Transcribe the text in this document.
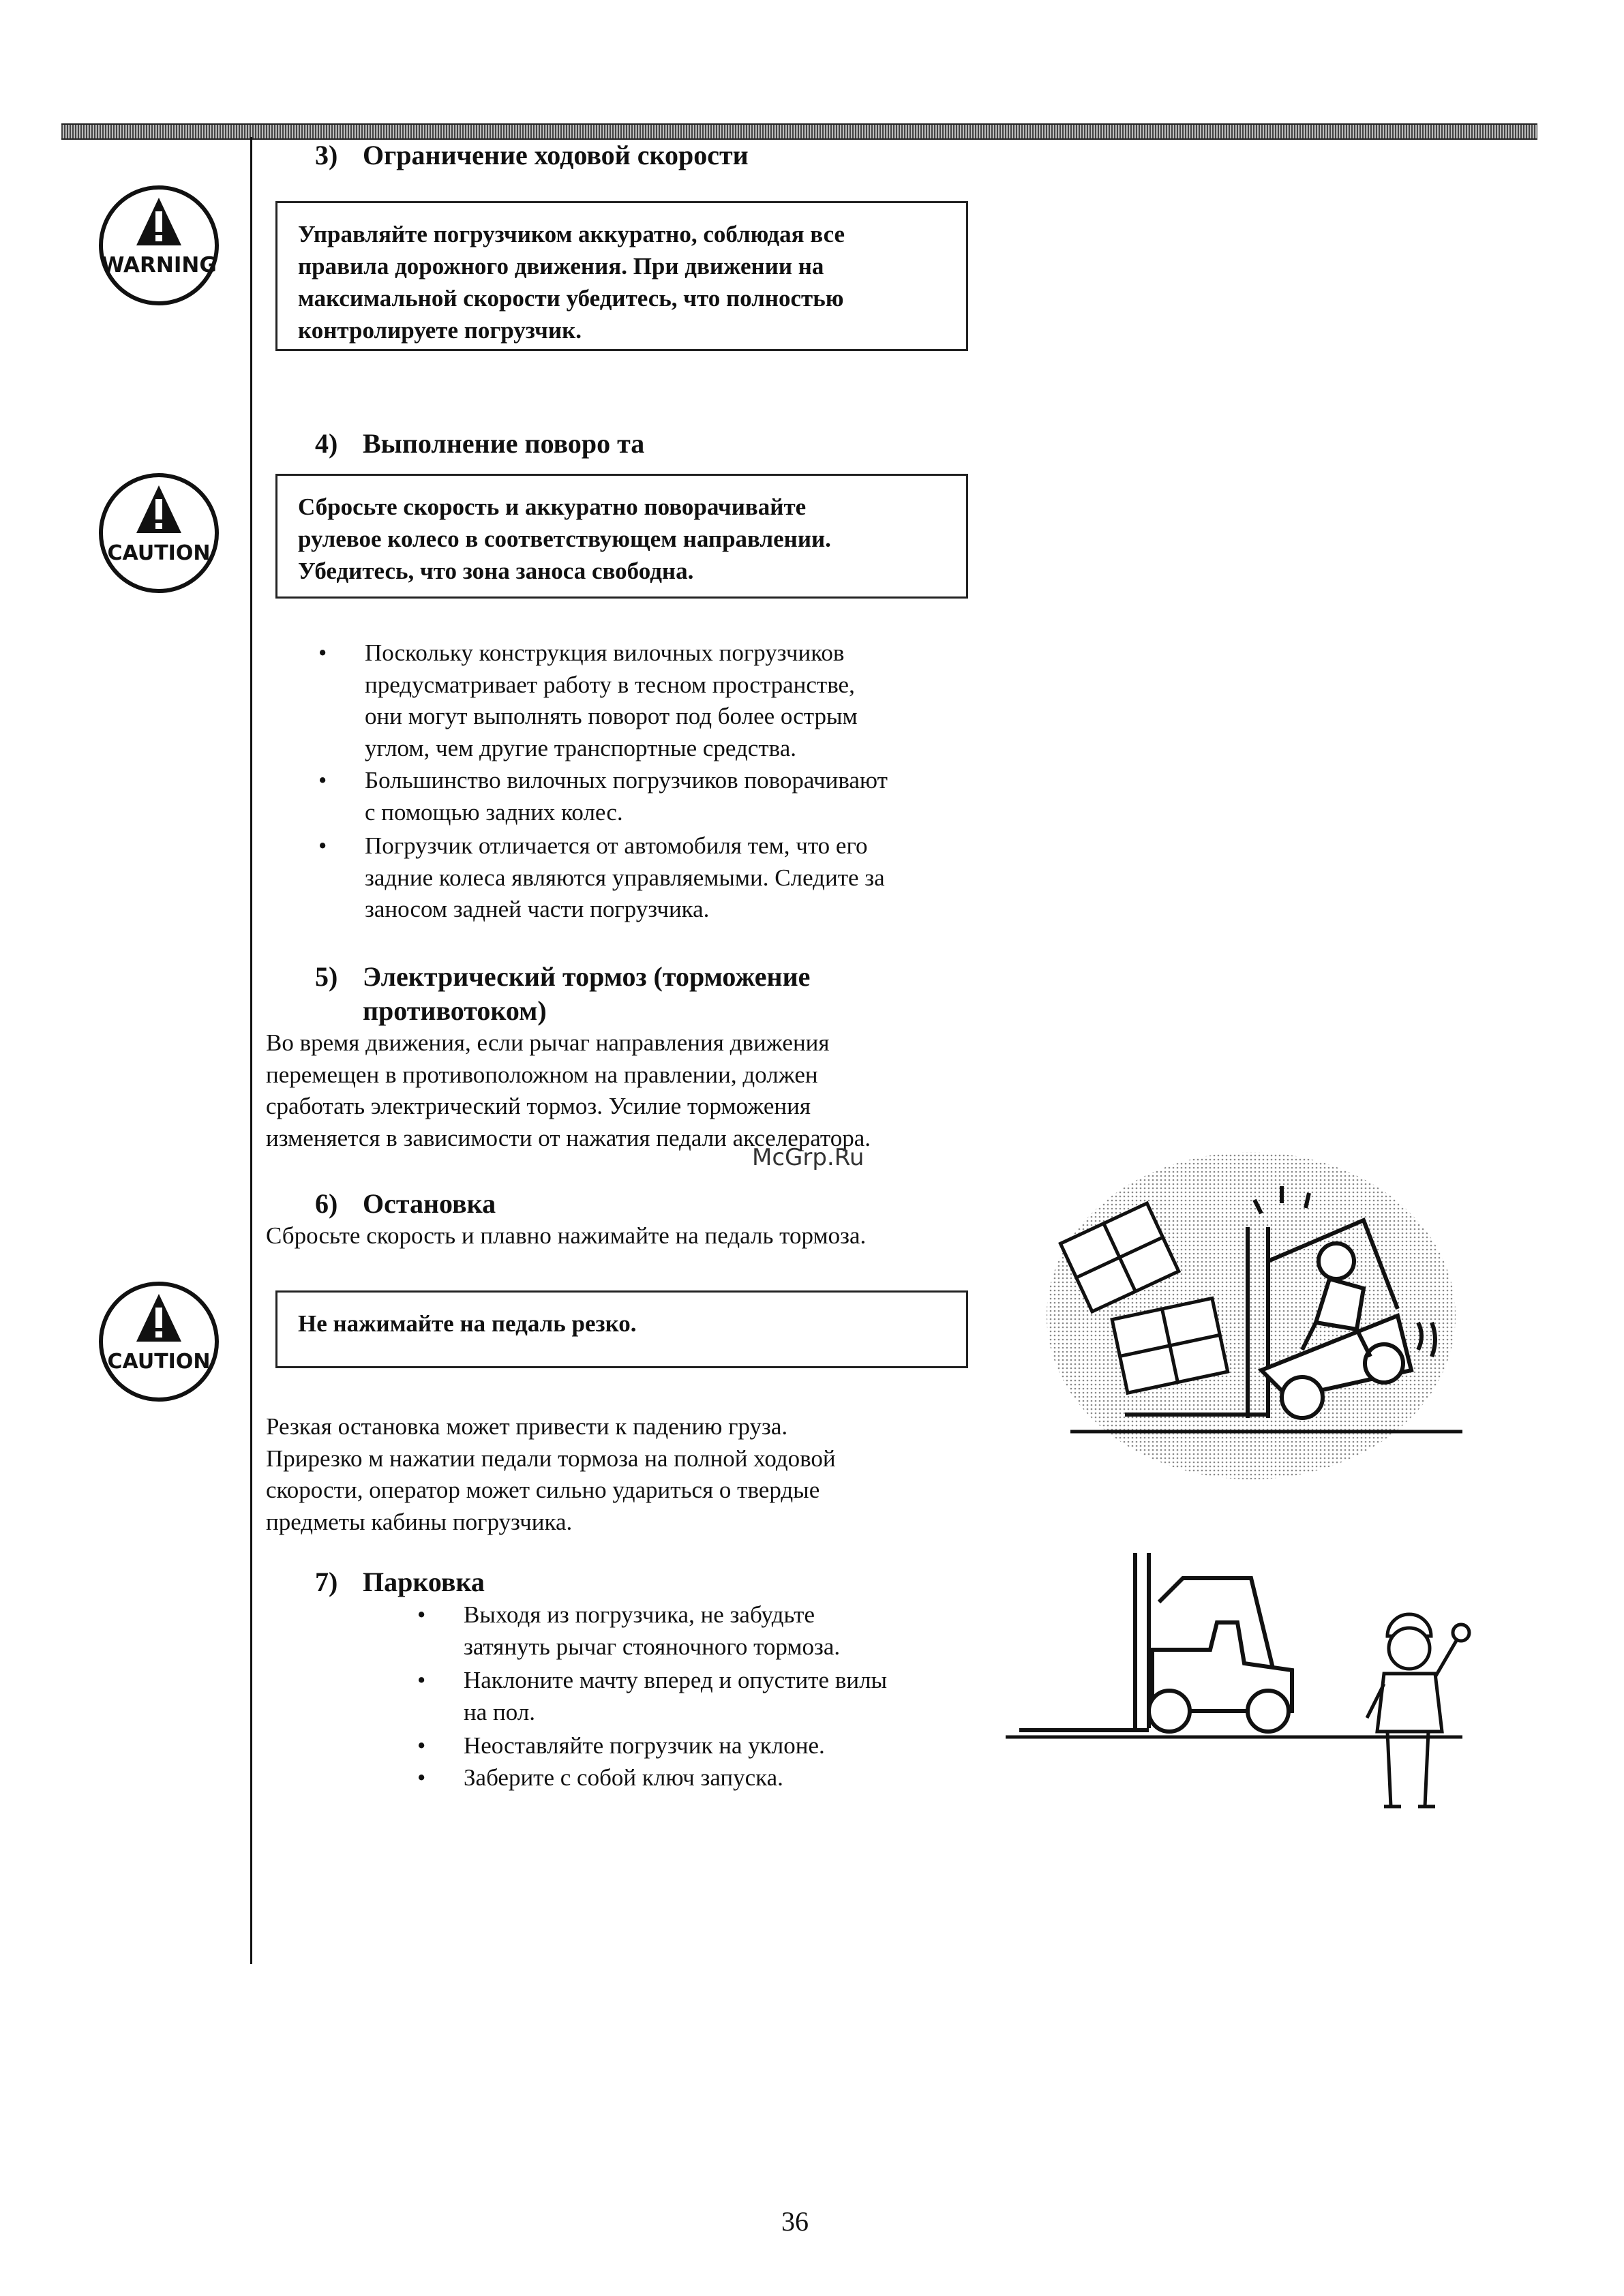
3) Ограничение ходовой скорости
WARNING
Управляйте погрузчиком аккуратно, соблюдая все
правила дорожного движения. При движении на
максимальной скорости убедитесь, что полностью
контролируете погрузчик.
4) Выполнение поворо та
CAUTION
Сбросьте скорость и аккуратно поворачивайте
рулевое колесо в соответствующем направлении.
Убедитесь, что зона заноса свободна.
• Поскольку конструкция вилочных погрузчиков
предусматривает работу в тесном пространстве,
они могут выполнять поворот под более острым
углом, чем другие транспортные средства.
• Большинство вилочных погрузчиков поворачивают
с помощью задних колес.
• Погрузчик отличается от автомобиля тем, что его
задние колеса являются управляемыми. Следите за
заносом задней части погрузчика.
5) Электрический тормоз (торможение
противотоком)
Во время движения, если рычаг направления движения
перемещен в противоположном на правлении, должен
сработать электрический тормоз. Усилие торможения
изменяется в зависимости от нажатия педали акселератора.
McGrp.Ru
6) Остановка
Сбросьте скорость и плавно нажимайте на педаль тормоза.
CAUTION
Не нажимайте на педаль резко.
Резкая остановка может привести к падению груза.
Прирезко м нажатии педали тормоза на полной ходовой
скорости, оператор может сильно удариться о твердые
предметы кабины погрузчика.
7) Парковка
• Выходя из погрузчика, не забудьте
затянуть рычаг стояночного тормоза.
• Наклоните мачту вперед и опустите вилы
на пол.
• Неоставляйте погрузчик на уклоне.
• Заберите с собой ключ запуска.
36
